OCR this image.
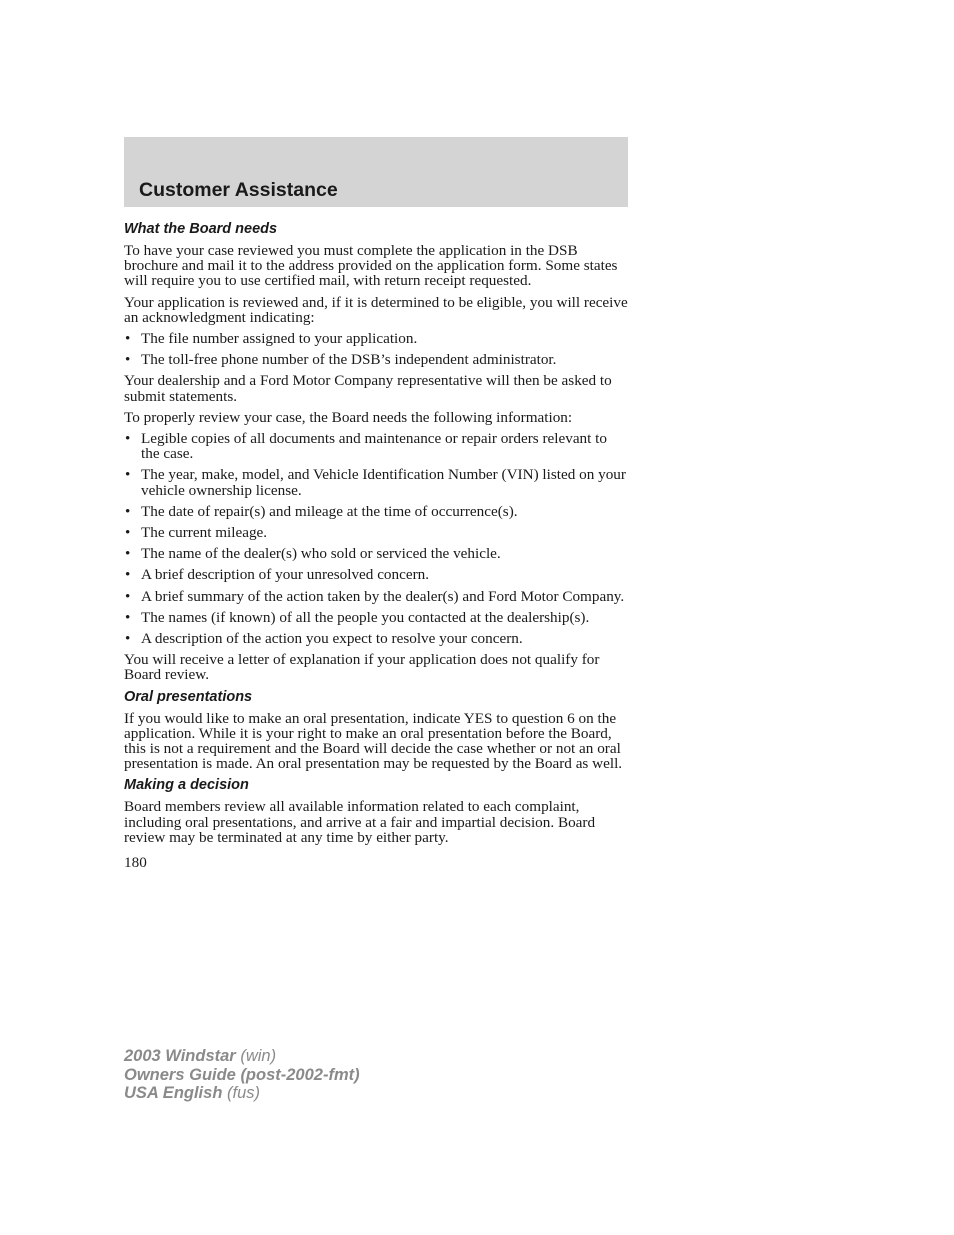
Customer Assistance
What the Board needs

To have your case reviewed you must complete the application in the DSB brochure and mail it to the address provided on the application form. Some states will require you to use certified mail, with return receipt requested.

Your application is reviewed and, if it is determined to be eligible, you will receive an acknowledgment indicating:

• The file number assigned to your application.
• The toll-free phone number of the DSB’s independent administrator.

Your dealership and a Ford Motor Company representative will then be asked to submit statements.

To properly review your case, the Board needs the following information:

• Legible copies of all documents and maintenance or repair orders relevant to the case.
• The year, make, model, and Vehicle Identification Number (VIN) listed on your vehicle ownership license.
• The date of repair(s) and mileage at the time of occurrence(s).
• The current mileage.
• The name of the dealer(s) who sold or serviced the vehicle.
• A brief description of your unresolved concern.
• A brief summary of the action taken by the dealer(s) and Ford Motor Company.
• The names (if known) of all the people you contacted at the dealership(s).
• A description of the action you expect to resolve your concern.

You will receive a letter of explanation if your application does not qualify for Board review.

Oral presentations

If you would like to make an oral presentation, indicate YES to question 6 on the application. While it is your right to make an oral presentation before the Board, this is not a requirement and the Board will decide the case whether or not an oral presentation is made. An oral presentation may be requested by the Board as well.

Making a decision

Board members review all available information related to each complaint, including oral presentations, and arrive at a fair and impartial decision. Board review may be terminated at any time by either party.

180
2003 Windstar (win)
Owners Guide (post-2002-fmt)
USA English (fus)
